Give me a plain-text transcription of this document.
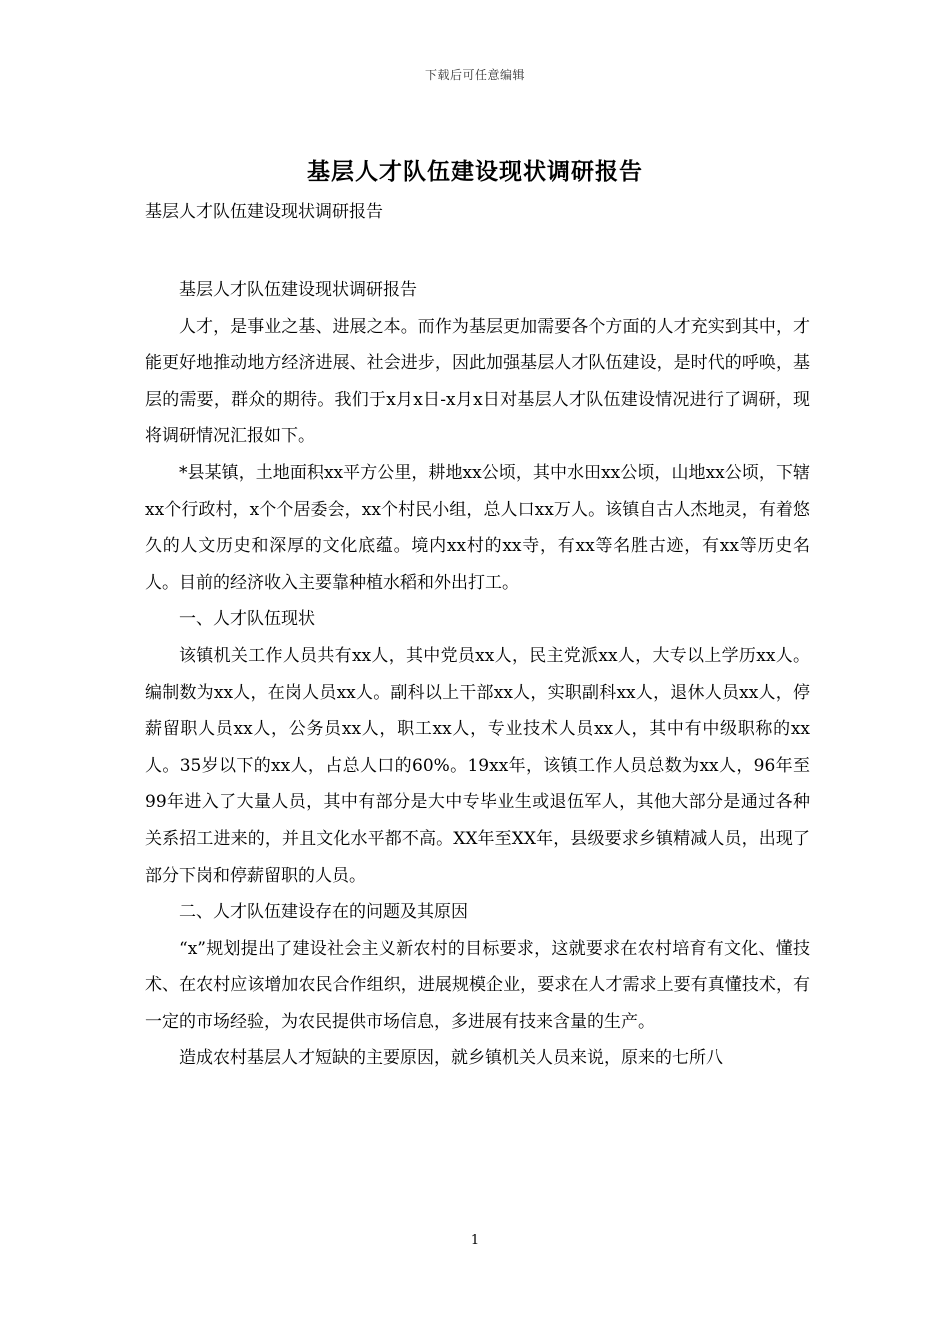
下载后可任意编辑
基层人才队伍建设现状调研报告
基层人才队伍建设现状调研报告

基层人才队伍建设现状调研报告

人才，是事业之基、进展之本。而作为基层更加需要各个方面的人才充实到其中，才能更好地推动地方经济进展、社会进步，因此加强基层人才队伍建设，是时代的呼唤，基层的需要，群众的期待。我们于x月x日-x月x日对基层人才队伍建设情况进行了调研，现将调研情况汇报如下。

*县某镇，土地面积xx平方公里，耕地xx公顷，其中水田xx公顷，山地xx公顷，下辖xx个行政村，x个个居委会，xx个村民小组，总人口xx万人。该镇自古人杰地灵，有着悠久的人文历史和深厚的文化底蕴。境内xx村的xx寺，有xx等名胜古迹，有xx等历史名人。目前的经济收入主要靠种植水稻和外出打工。

一、人才队伍现状

该镇机关工作人员共有xx人，其中党员xx人，民主党派xx人，大专以上学历xx人。编制数为xx人，在岗人员xx人。副科以上干部xx人，实职副科xx人，退休人员xx人，停薪留职人员xx人，公务员xx人，职工xx人，专业技术人员xx人，其中有中级职称的xx人。35岁以下的xx人，占总人口的60%。19xx年，该镇工作人员总数为xx人，96年至99年进入了大量人员，其中有部分是大中专毕业生或退伍军人，其他大部分是通过各种关系招工进来的，并且文化水平都不高。XX年至XX年，县级要求乡镇精减人员，出现了部分下岗和停薪留职的人员。

二、人才队伍建设存在的问题及其原因

“x”规划提出了建设社会主义新农村的目标要求，这就要求在农村培育有文化、懂技术、在农村应该增加农民合作组织，进展规模企业，要求在人才需求上要有真懂技术，有一定的市场经验，为农民提供市场信息，多进展有技来含量的生产。

造成农村基层人才短缺的主要原因，就乡镇机关人员来说，原来的七所八

1
